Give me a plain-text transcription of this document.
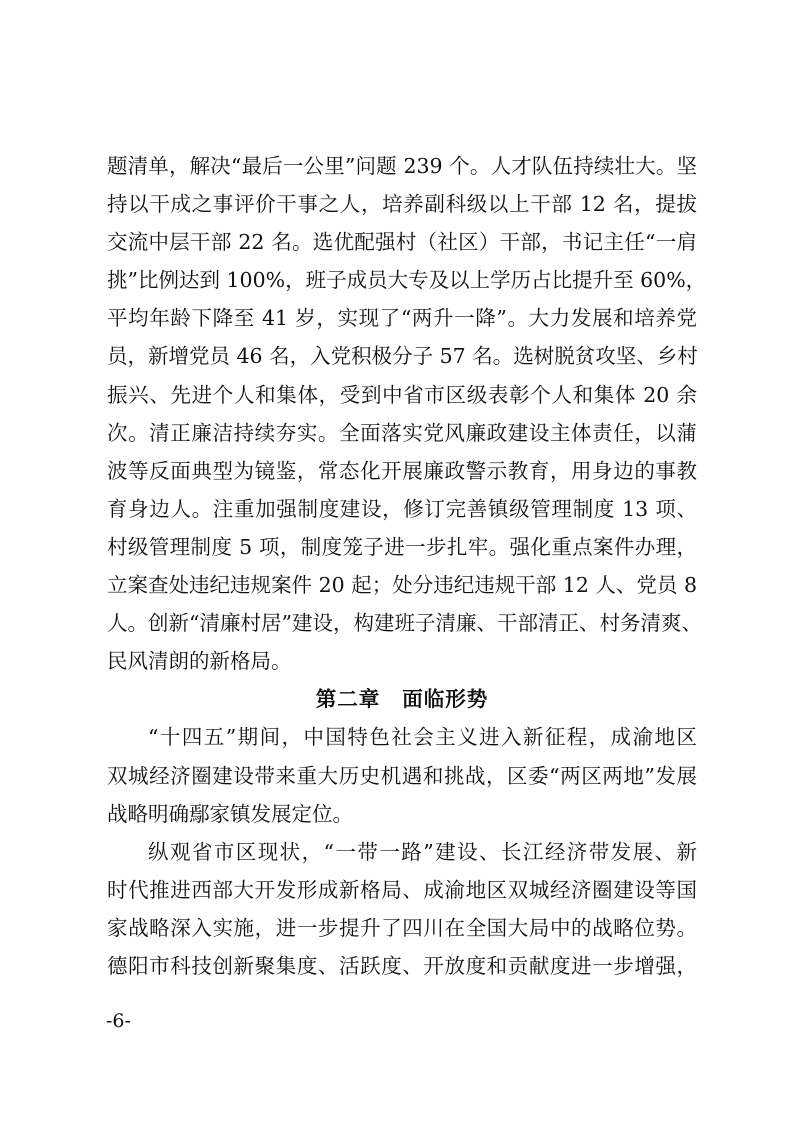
题清单，解决“最后一公里”问题 239 个。人才队伍持续壮大。坚
持以干成之事评价干事之人，培养副科级以上干部 12 名，提拔
交流中层干部 22 名。选优配强村（社区）干部，书记主任“一肩
挑”比例达到 100%，班子成员大专及以上学历占比提升至 60%，
平均年龄下降至 41 岁，实现了“两升一降”。大力发展和培养党
员，新增党员 46 名，入党积极分子 57 名。选树脱贫攻坚、乡村
振兴、先进个人和集体，受到中省市区级表彰个人和集体 20 余
次。清正廉洁持续夯实。全面落实党风廉政建设主体责任，以蒲
波等反面典型为镜鉴，常态化开展廉政警示教育，用身边的事教
育身边人。注重加强制度建设，修订完善镇级管理制度 13 项、
村级管理制度 5 项，制度笼子进一步扎牢。强化重点案件办理，
立案查处违纪违规案件 20 起；处分违纪违规干部 12 人、党员 8
人。创新“清廉村居”建设，构建班子清廉、干部清正、村务清爽、
民风清朗的新格局。
第二章 面临形势
“十四五”期间，中国特色社会主义进入新征程，成渝地区
双城经济圈建设带来重大历史机遇和挑战，区委“两区两地”发展
战略明确鄢家镇发展定位。
纵观省市区现状，“一带一路”建设、长江经济带发展、新
时代推进西部大开发形成新格局、成渝地区双城经济圈建设等国
家战略深入实施，进一步提升了四川在全国大局中的战略位势。
德阳市科技创新聚集度、活跃度、开放度和贡献度进一步增强，
-6-
